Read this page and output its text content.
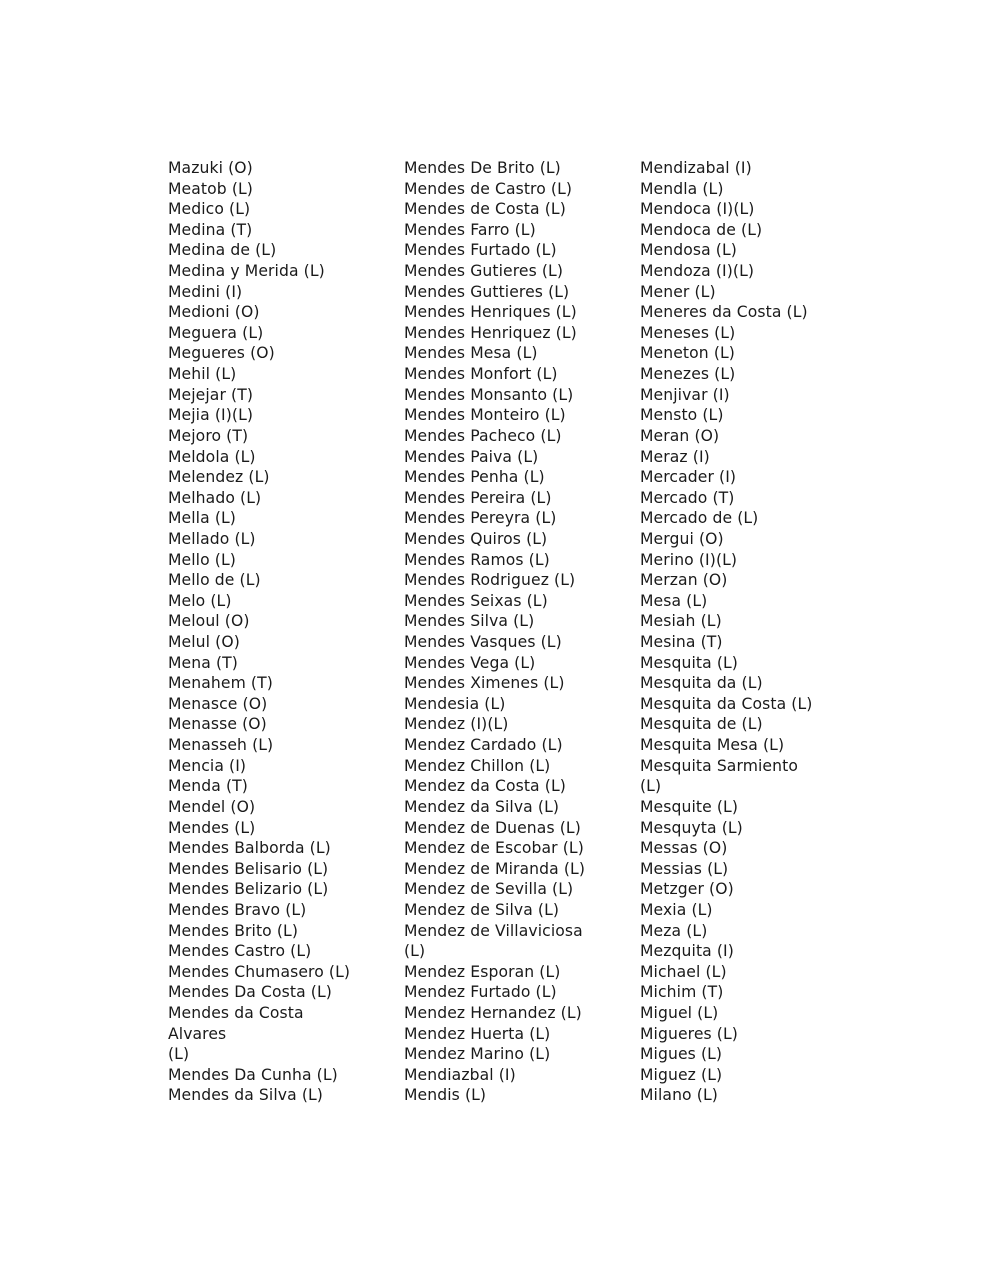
Mazuki (O)
Meatob (L)
Medico (L)
Medina (T)
Medina de (L)
Medina y Merida (L)
Medini (I)
Medioni (O)
Meguera (L)
Megueres (O)
Mehil (L)
Mejejar (T)
Mejia (I)(L)
Mejoro (T)
Meldola (L)
Melendez (L)
Melhado (L)
Mella (L)
Mellado (L)
Mello (L)
Mello de (L)
Melo (L)
Meloul (O)
Melul (O)
Mena (T)
Menahem (T)
Menasce (O)
Menasse (O)
Menasseh (L)
Mencia (I)
Menda (T)
Mendel (O)
Mendes (L)
Mendes Balborda (L)
Mendes Belisario (L)
Mendes Belizario (L)
Mendes Bravo (L)
Mendes Brito (L)
Mendes Castro (L)
Mendes Chumasero (L)
Mendes Da Costa (L)
Mendes da Costa
Alvares
(L)
Mendes Da Cunha (L)
Mendes da Silva (L)
Mendes De Brito (L)
Mendes de Castro (L)
Mendes de Costa (L)
Mendes Farro (L)
Mendes Furtado (L)
Mendes Gutieres (L)
Mendes Guttieres (L)
Mendes Henriques (L)
Mendes Henriquez (L)
Mendes Mesa (L)
Mendes Monfort (L)
Mendes Monsanto (L)
Mendes Monteiro (L)
Mendes Pacheco (L)
Mendes Paiva (L)
Mendes Penha (L)
Mendes Pereira (L)
Mendes Pereyra (L)
Mendes Quiros (L)
Mendes Ramos (L)
Mendes Rodriguez (L)
Mendes Seixas (L)
Mendes Silva (L)
Mendes Vasques (L)
Mendes Vega (L)
Mendes Ximenes (L)
Mendesia (L)
Mendez (I)(L)
Mendez Cardado (L)
Mendez Chillon (L)
Mendez da Costa (L)
Mendez da Silva (L)
Mendez de Duenas (L)
Mendez de Escobar (L)
Mendez de Miranda (L)
Mendez de Sevilla (L)
Mendez de Silva (L)
Mendez de Villaviciosa
(L)
Mendez Esporan (L)
Mendez Furtado (L)
Mendez Hernandez (L)
Mendez Huerta (L)
Mendez Marino (L)
Mendiazbal (I)
Mendis (L)
Mendizabal (I)
Mendla (L)
Mendoca (I)(L)
Mendoca de (L)
Mendosa (L)
Mendoza (I)(L)
Mener (L)
Meneres da Costa (L)
Meneses (L)
Meneton (L)
Menezes (L)
Menjivar (I)
Mensto (L)
Meran (O)
Meraz (I)
Mercader (I)
Mercado (T)
Mercado de (L)
Mergui (O)
Merino (I)(L)
Merzan (O)
Mesa (L)
Mesiah (L)
Mesina (T)
Mesquita (L)
Mesquita da (L)
Mesquita da Costa (L)
Mesquita de (L)
Mesquita Mesa (L)
Mesquita Sarmiento
(L)
Mesquite (L)
Mesquyta (L)
Messas (O)
Messias (L)
Metzger (O)
Mexia (L)
Meza (L)
Mezquita (I)
Michael (L)
Michim (T)
Miguel (L)
Migueres (L)
Migues (L)
Miguez (L)
Milano (L)
